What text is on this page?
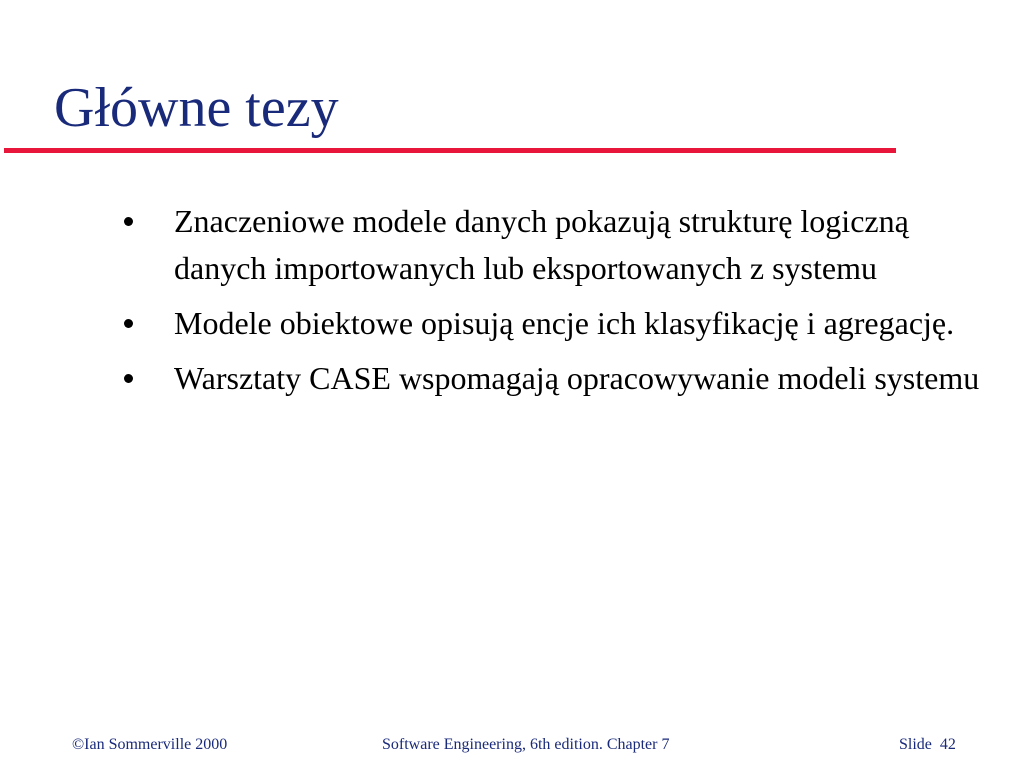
Główne tezy
Znaczeniowe modele danych pokazują strukturę logiczną danych importowanych lub eksportowanych z systemu
Modele obiektowe opisują encje ich klasyfikację i agregację.
Warsztaty CASE wspomagają opracowywanie modeli systemu
©Ian Sommerville 2000	Software Engineering, 6th edition. Chapter 7	Slide 42
